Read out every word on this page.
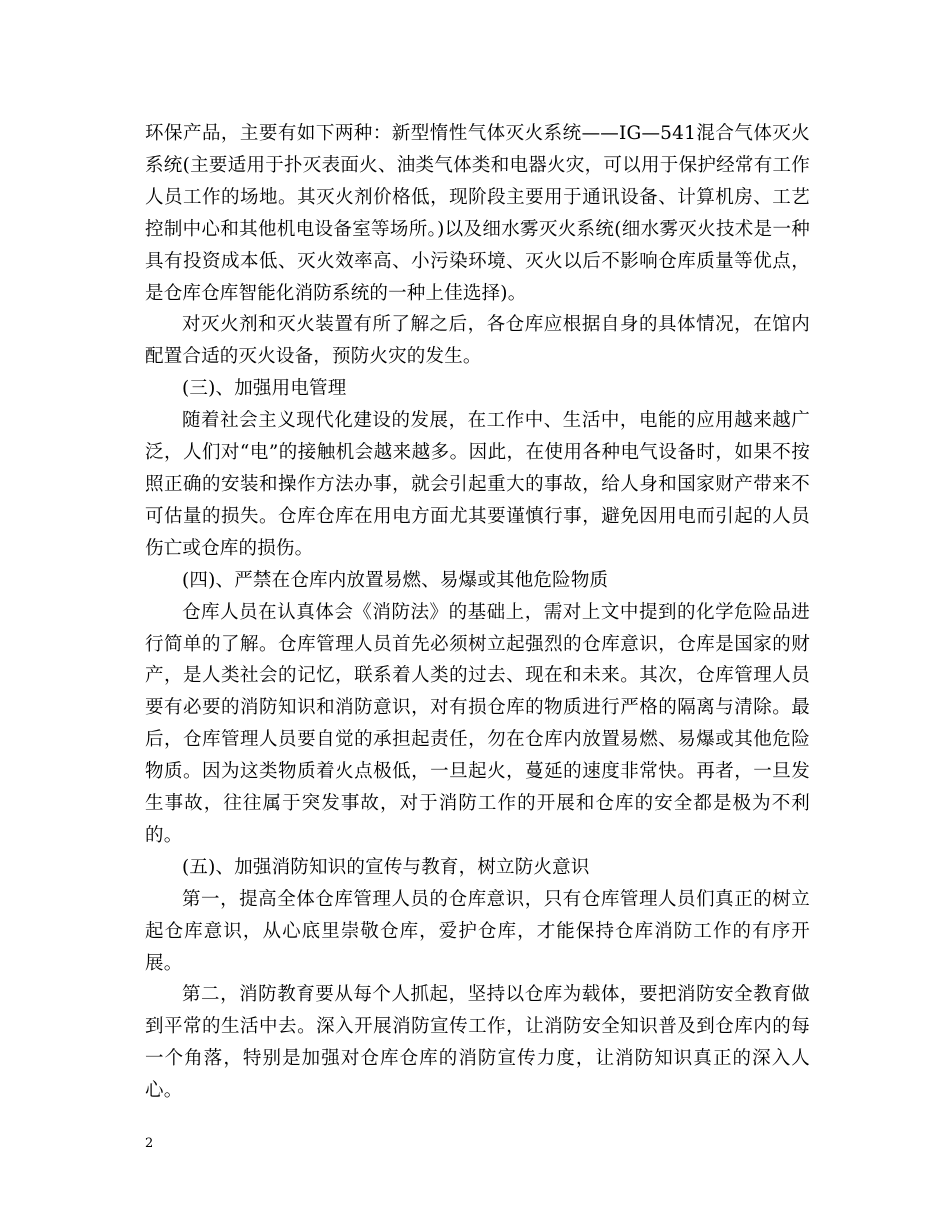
环保产品，主要有如下两种：新型惰性气体灭火系统——IG—541混合气体灭火系统(主要适用于扑灭表面火、油类气体类和电器火灾，可以用于保护经常有工作人员工作的场地。其灭火剂价格低，现阶段主要用于通讯设备、计算机房、工艺控制中心和其他机电设备室等场所。)以及细水雾灭火系统(细水雾灭火技术是一种具有投资成本低、灭火效率高、小污染环境、灭火以后不影响仓库质量等优点，是仓库仓库智能化消防系统的一种上佳选择)。

对灭火剂和灭火装置有所了解之后，各仓库应根据自身的具体情况，在馆内配置合适的灭火设备，预防火灾的发生。

(三)、加强用电管理

随着社会主义现代化建设的发展，在工作中、生活中，电能的应用越来越广泛，人们对“电”的接触机会越来越多。因此，在使用各种电气设备时，如果不按照正确的安装和操作方法办事，就会引起重大的事故，给人身和国家财产带来不可估量的损失。仓库仓库在用电方面尤其要谨慎行事，避免因用电而引起的人员伤亡或仓库的损伤。

(四)、严禁在仓库内放置易燃、易爆或其他危险物质

仓库人员在认真体会《消防法》的基础上，需对上文中提到的化学危险品进行简单的了解。仓库管理人员首先必须树立起强烈的仓库意识，仓库是国家的财产，是人类社会的记忆，联系着人类的过去、现在和未来。其次，仓库管理人员要有必要的消防知识和消防意识，对有损仓库的物质进行严格的隔离与清除。最后，仓库管理人员要自觉的承担起责任，勿在仓库内放置易燃、易爆或其他危险物质。因为这类物质着火点极低，一旦起火，蔓延的速度非常快。再者，一旦发生事故，往往属于突发事故，对于消防工作的开展和仓库的安全都是极为不利的。

(五)、加强消防知识的宣传与教育，树立防火意识

第一，提高全体仓库管理人员的仓库意识，只有仓库管理人员们真正的树立起仓库意识，从心底里崇敬仓库，爱护仓库，才能保持仓库消防工作的有序开展。

第二，消防教育要从每个人抓起，坚持以仓库为载体，要把消防安全教育做到平常的生活中去。深入开展消防宣传工作，让消防安全知识普及到仓库内的每一个角落，特别是加强对仓库仓库的消防宣传力度，让消防知识真正的深入人心。

2
